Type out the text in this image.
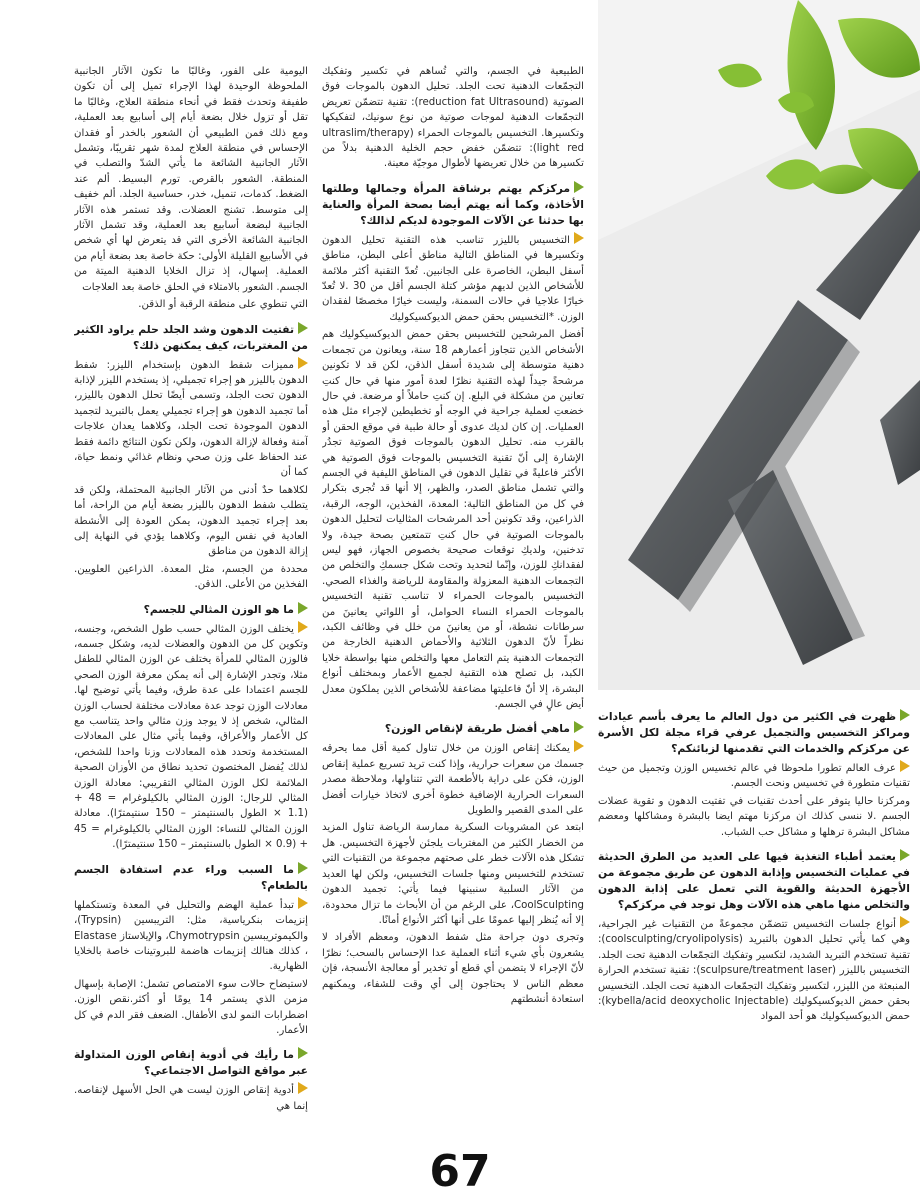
اليومية على الفور، وغالبًا ما تكون الآثار الجانبية الملحوظة الوحيدة لهذا الإجراء تميل إلى أن تكون طفيفة وتحدث فقط في أنحاء منطقة العلاج، وغالبًا ما تقل أو تزول خلال بضعة أيام إلى أسابيع بعد العملية، ومع ذلك فمن الطبيعي أن الشعور بالخدر أو فقدان الإحساس في منطقة العلاج لمدة شهر تقريبًا، وتشمل الآثار الجانبية الشائعة ما يأتي الشدّ والتصلب في المنطقة. الشعور بالقرص. تورم البسيط. ألم عند الضغط. كدمات، تنميل، خدر، حساسية الجلد. ألم خفيف إلى متوسط. تشنج العضلات. وقد تستمر هذه الآثار الجانبية لبضعة أسابيع بعد العملية، وقد تشمل الآثار الجانبية الشائعة الأخرى التي قد يتعرض لها أي شخص في الأسابيع القليلة الأولى: حكة خاصة بعد بضعة أيام من العملية. إسهال، إذ تزال الخلايا الدهنية الميتة من الجسم. الشعور بالامتلاء في الحلق خاصة بعد العلاجات

التي تنطوي على منطقة الرقبة أو الذقن.

تفتيت الدهون وشد الجلد حلم يراود الكثير من المغتربات، كيف يمكنهن ذلك؟

مميزات شفط الدهون بإستخدام الليزر: شفط الدهون بالليزر هو إجراء تجميلي، إذ يستخدم الليزر لإذابة الدهون تحت الجلد، وتسمى أيضًا تحلل الدهون بالليزر، أما تجميد الدهون هو إجراء تجميلي يعمل بالتبريد لتجميد الدهون الموجودة تحت الجلد، وكلاهما يعدان علاجات آمنة وفعالة لإزالة الدهون، ولكن تكون النتائج دائمة فقط عند الحفاظ على وزن صحي ونظام غذائي ونمط حياة، كما أن

لكلاهما حدٌ أدنى من الآثار الجانبية المحتملة، ولكن قد يتطلب شفط الدهون بالليزر بضعة أيام من الراحة، أما بعد إجراء تجميد الدهون، يمكن العودة إلى الأنشطة العادية في نفس اليوم، وكلاهما يؤدي في النهاية إلى إزالة الدهون من مناطق

محددة من الجسم، مثل المعدة. الذراعين العلويين. الفخذين من الأعلى. الذقن.

ما هو الوزن المثالي للجسم؟

يختلف الوزن المثالي حسب طول الشخص، وجنسه، وتكوين كل من الدهون والعضلات لديه، وشكل جسمه، فالوزن المثالي للمرأة يختلف عن الوزن المثالي للطفل مثلا، وتجدر الإشارة إلى أنه يمكن معرفة الوزن الصحي للجسم اعتمادا على عدة طرق، وفيما يأتي توضيح لها. معادلات الوزن توجد عدة معادلات مختلفة لحساب الوزن المثالي، شخص إذ لا يوجد وزن مثالي واحد يتناسب مع كل الأعمار والأعراق، وفيما يأتي مثال على المعادلات المستخدمة وتحدد هذه المعادلات وزنا واحدا للشخص، لذلك يُفضل المختصون تحديد نطاق من الأوزان الصحية الملائمة لكل الوزن المثالي التقريبي: معادلة الوزن المثالي للرجال: الوزن المثالي بالكيلوغرام = 48 + (1.1 × الطول بالسنتيمتر – 150 سنتيمترًا). معادلة الوزن المثالي للنساء: الوزن المثالي بالكيلوغرام = 45 + (0.9 × الطول بالسنتيمتر – 150 سنتيمترًا).

ما السبب وراء عدم استفادة الجسم بالطعام؟

تبدأ عملية الهضم والتحليل في المعدة وتستكملها إنزيمات بنكرياسية، مثل: التريبسين (Trypsin)، والكيموتريبسين Chymotrypsin، والإيلاستاز Elastase ، كذلك هنالك إنزيمات هاضمة للبروتينات خاصة بالخلايا الظهارية.

لاستيضاح حالات سوء الامتصاص تشمل: الإصابة بإسهال مزمن الذي يستمر 14 يومًا أو أكثر.نقص الوزن. اضطرابات النمو لدى الأطفال. الضعف فقر الدم في كل الأعمار.

ما رأيك في أدوية إنقاص الوزن المتداولة عبر مواقع التواصل الاجتماعي؟

أدوية إنقاص الوزن ليست هي الحل الأسهل لإنقاصه. إنما هي

الطبيعية في الجسم، والتي تُساهم في تكسير وتفكيك التجمّعات الدهنية تحت الجلد. تحليل الدهون بالموجات فوق الصوتية (reduction fat Ultrasound): تقنية تتضمّن تعريض التجمّعات الدهنية لموجات صوتية من نوع سونيك، لتفكيكها وتكسيرها. التخسيس بالموجات الحمراء (ultraslim/therapy light red): تتضمّن خفض حجم الخلية الدهنية بدلاً من تكسيرها من خلال تعريضها لأطوال موجيّة معينة.

مركزكم يهتم برشاقة المرأة وجمالها وطلتها الأخاذة، وكما أنه يهتم أيضا بصحة المرأة والعناية بها حدثنا عن الآلات الموجودة لديكم لذالك؟

التخسيس بالليزر تناسب هذه التقنية تحليل الدهون وتكسيرها في المناطق التالية مناطق أعلى البطن، مناطق أسفل البطن، الخاصرة على الجانبين. تُعدّ التقنية أكثر ملائمة للأشخاص الذين لديهم مؤشر كتلة الجسم أقل من 30 .لا تُعدّ خيارًا علاجيا في حالات السمنة، وليست خيارًا مخصصًا لفقدان الوزن. *التخسيس بحقن حمض الديوكسيكوليك

أفضل المرشحين للتخسيس بحقن حمض الديوكسيكوليك هم الأشخاص الذين تتجاوز أعمارهم 18 سنة، ويعانون من تجمعات دهنية متوسطة إلى شديدة أسفل الذقن، لكن قد لا تكونين مرشحةً جيداً لهذه التقنية نظرًا لعدة أمور منها في حال كنتِ تعانين من مشكلة في البلع. إن كنتِ حاملاً أو مرضعة. في حال خضعتِ لعملية جراحية في الوجه أو تخطيطين لإجراء مثل هذه العمليات. إن كان لديك عدوى أو حالة طبية في موقع الحقن أو بالقرب منه. تحليل الدهون بالموجات فوق الصوتية تجدُر الإشارة إلى أنّ تقنية التخسيس بالموجات فوق الصوتية هي الأكثر فاعليةً في تقليل الدهون في المناطق الليفية في الجسم والتي تشمل مناطق الصدر، والظهر، إلا أنها قد تُجرى بتكرار في كل من المناطق التالية: المعدة، الفخذين، الوجه، الرقبة، الذراعين، وقد تكونين أحد المرشحات المثاليات لتحليل الدهون بالموجات الصوتية في حال كنتِ تتمتعين بصحة جيدة، ولا تدخنين، ولديكِ توقعات صحيحة بخصوص الجهاز، فهو ليس لفقدانكِ للوزن، وإنّما لتحديد وتحت شكل جسمكِ والتخلص من التجمعات الدهنية المعزولة والمقاومة للرياضة والغذاء الصحي. التخسيس بالموجات الحمراء لا تناسب تقنية التخسيس بالموجات الحمراء النساء الحوامل، أو اللواتي يعانينَ من سرطانات نشطة، أو من يعانينَ من خلل في وظائف الكبد، نظراً لأنّ الدهون الثلاثية والأحماض الدهنية الخارجة من التجمعات الدهنية يتم التعامل معها والتخلص منها بواسطة خلايا الكبد، بل تصلح هذه التقنية لجميع الأعمار وبمختلف أنواع البشرة، إلا أنّ فاعليتها مضاعفة للأشخاص الذين يملكون معدل أيض عالٍ في الجسم.

ماهي أفضل طريقة لإنقاص الوزن؟

يمكنك إنقاص الوزن من خلال تناول كمية أقل مما يحرقه جسمك من سعرات حرارية، وإذا كنت تريد تسريع عملية إنقاص الوزن، فكن على دراية بالأطعمة التي تتناولها، وملاحظة مصدر السعرات الحرارية الإضافية خطوة أخرى لاتخاذ خيارات أفضل على المدى القصير والطويل

ابتعد عن المشروبات السكرية ممارسة الرياضة تناول المزيد من الخضار الكثير من المغتربات يلجئن لأجهزة التخسيس. هل تشكل هذه الآلات خطر على صحتهم مجموعة من التقنيات التي تستخدم للتخسيس ومنها جلسات التخسيس، ولكن لها العديد من الآثار السلبية سنبينها فيما يأتي: تجميد الدهون CoolSculpting، على الرغم من أن الأبحاث ما تزال محدودة، إلا أنه يُنظر إليها عمومًا على أنها أكثر الأنواع أمانًا.

وتجرى دون جراحة مثل شفط الدهون، ومعظم الأفراد لا يشعرون بأي شيء أثناء العملية عدا الإحساس بالسحب؛ نظرًا لأنّ الإجراء لا يتضمن أي قطع أو تخدير أو معالجة الأنسجة، فإن معظم الناس لا يحتاجون إلى أي وقت للشفاء، ويمكنهم استعادة أنشطتهم

ظهرت في الكثير من دول العالم ما يعرف بأسم عيادات ومراكز التخسيس والتجميل عرفي قراء مجلة لكل الأسرة عن مركزكم والخدمات التي تقدمنها لزبائنكم؟

عرف العالم تطورا ملحوظا في عالم تخسيس الوزن وتجميل من حيث تقنيات متطورة في تخسيس ونحت الجسم.

ومركزنا حاليا يتوفر على أحدث تقنيات في تفتيت الدهون و تقوية عضلات الجسم .لا ننسى كذلك ان مركزنا مهتم ايضا بالبشرة ومشاكلها ومعضم مشاكل البشرة ترهلها و مشاكل حب الشباب.

يعتمد أطباء التغذية فيها على العديد من الطرق الحديثة في عمليات التخسيس وإذابة الدهون عن طريق مجموعة من الأجهزة الحديثة والقوية التي تعمل على إذابة الدهون والتخلص منها ماهي هذه الآلات وهل توجد في مركزكم؟

أنواع جلسات التخسيس تتضمّن مجموعةً من التقنيات غير الجراحية، وهي كما يأتي تحليل الدهون بالتبريد (coolsculpting/cryolipolysis): تقنية تستخدم التبريد الشديد، لتكسير وتفكيك التجمّعات الدهنية تحت الجلد. التخسيس بالليزر (sculpsure/treatment laser): تقنية تستخدم الحرارة المنبعثة من الليزر، لتكسير وتفكيك التجمّعات الدهنية تحت الجلد. التخسيس بحقن حمض الديوكسيكوليك (kybella/acid deoxycholic Injectable): حمض الديوكسيكوليك هو أحد المواد

67
